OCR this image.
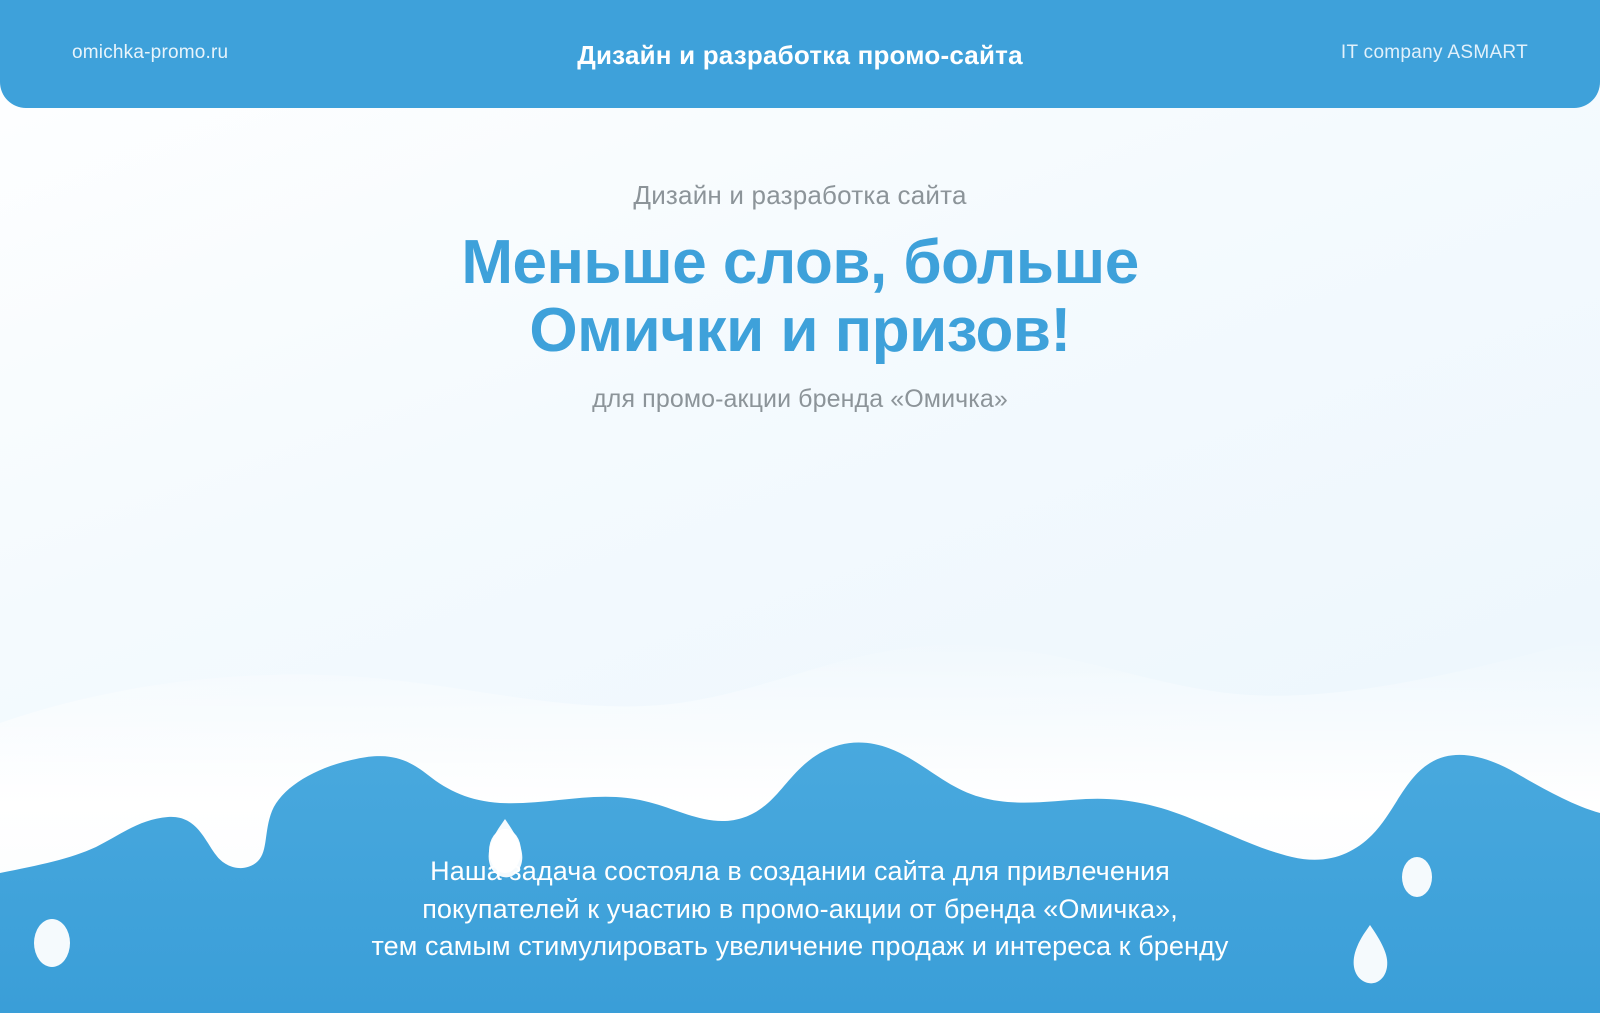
omichka-promo.ru	Дизайн и разработка промо-сайта	IT company ASMART
Дизайн и разработка сайта
Меньше слов, больше
Омички и призов!
для промо-акции бренда «Омичка»
Наша задача состояла в создании сайта для привлечения
покупателей к участию в промо-акции от бренда «Омичка»,
тем самым стимулировать увеличение продаж и интереса к бренду
